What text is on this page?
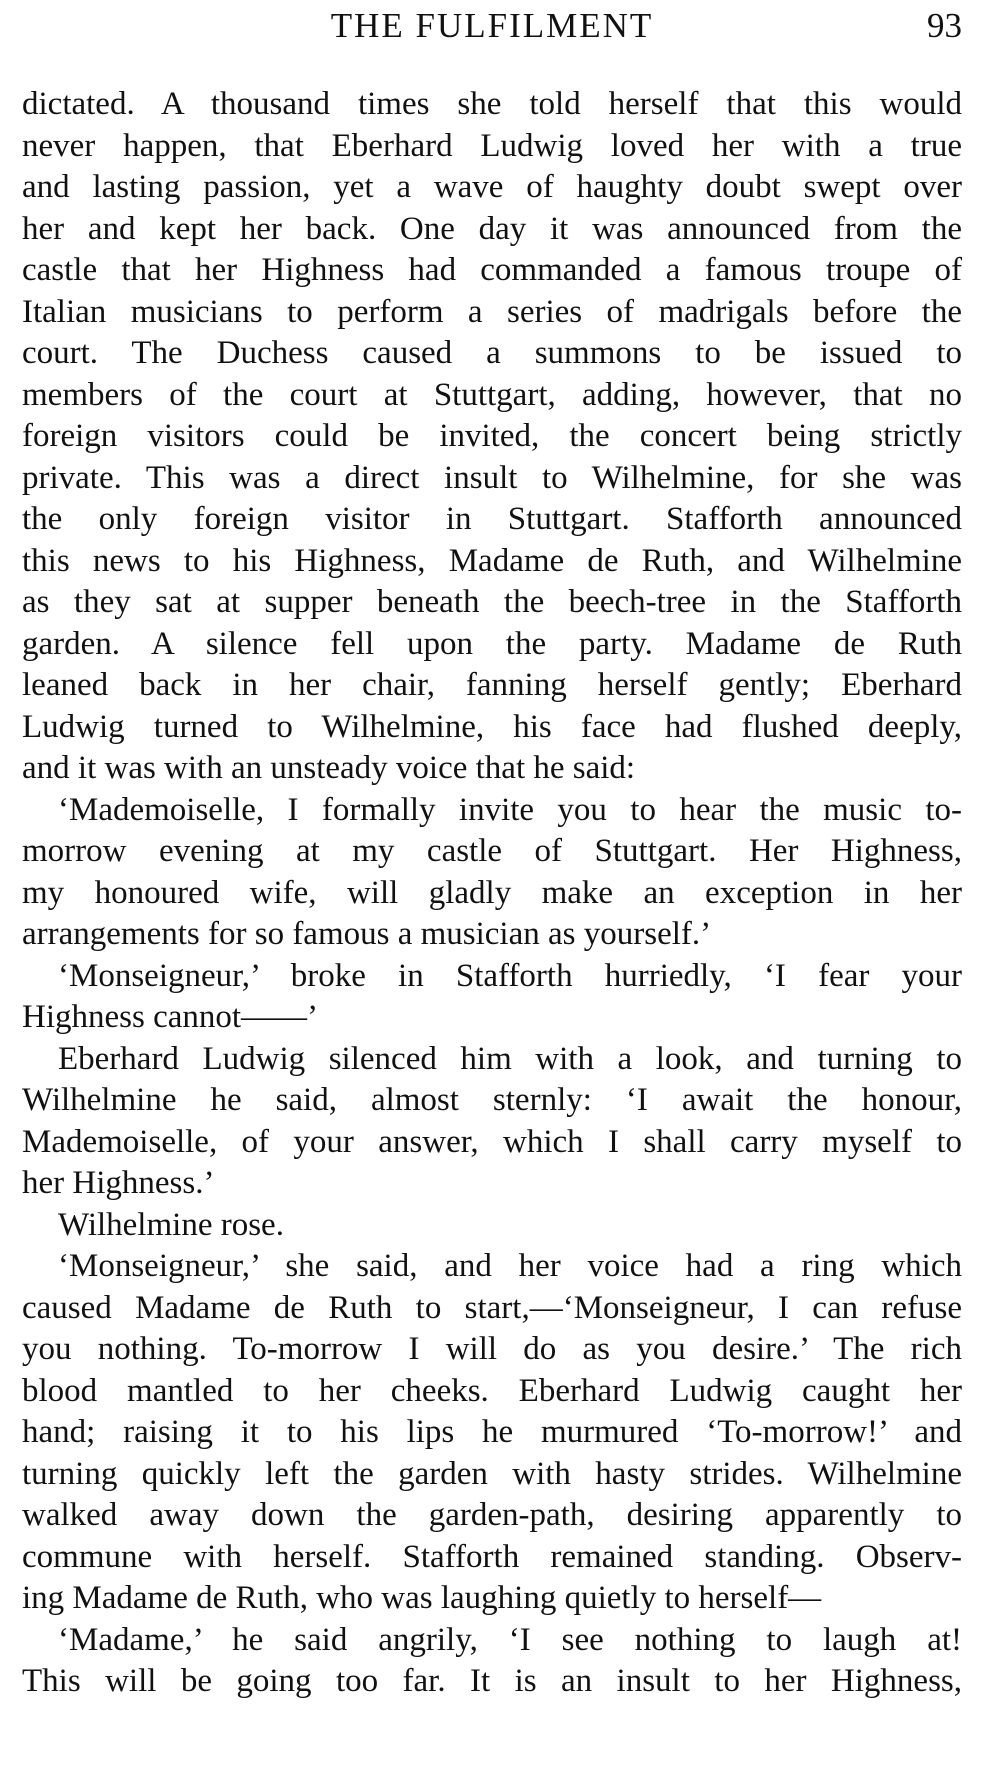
THE FULFILMENT	93
dictated. A thousand times she told herself that this would
never happen, that Eberhard Ludwig loved her with a true
and lasting passion, yet a wave of haughty doubt swept over
her and kept her back. One day it was announced from the
castle that her Highness had commanded a famous troupe of
Italian musicians to perform a series of madrigals before the
court. The Duchess caused a summons to be issued to
members of the court at Stuttgart, adding, however, that no
foreign visitors could be invited, the concert being strictly
private. This was a direct insult to Wilhelmine, for she was
the only foreign visitor in Stuttgart. Stafforth announced
this news to his Highness, Madame de Ruth, and Wilhelmine
as they sat at supper beneath the beech-tree in the Stafforth
garden. A silence fell upon the party. Madame de Ruth
leaned back in her chair, fanning herself gently; Eberhard
Ludwig turned to Wilhelmine, his face had flushed deeply,
and it was with an unsteady voice that he said:
‘Mademoiselle, I formally invite you to hear the music to-
morrow evening at my castle of Stuttgart. Her Highness,
my honoured wife, will gladly make an exception in her
arrangements for so famous a musician as yourself.’
‘Monseigneur,’ broke in Stafforth hurriedly, ‘I fear your
Highness cannot——’
Eberhard Ludwig silenced him with a look, and turning to
Wilhelmine he said, almost sternly: ‘I await the honour,
Mademoiselle, of your answer, which I shall carry myself to
her Highness.’
Wilhelmine rose.
‘Monseigneur,’ she said, and her voice had a ring which
caused Madame de Ruth to start,—‘Monseigneur, I can refuse
you nothing. To-morrow I will do as you desire.’ The rich
blood mantled to her cheeks. Eberhard Ludwig caught her
hand; raising it to his lips he murmured ‘To-morrow!’ and
turning quickly left the garden with hasty strides. Wilhelmine
walked away down the garden-path, desiring apparently to
commune with herself. Stafforth remained standing. Observ-
ing Madame de Ruth, who was laughing quietly to herself—
‘Madame,’ he said angrily, ‘I see nothing to laugh at!
This will be going too far. It is an insult to her Highness,
